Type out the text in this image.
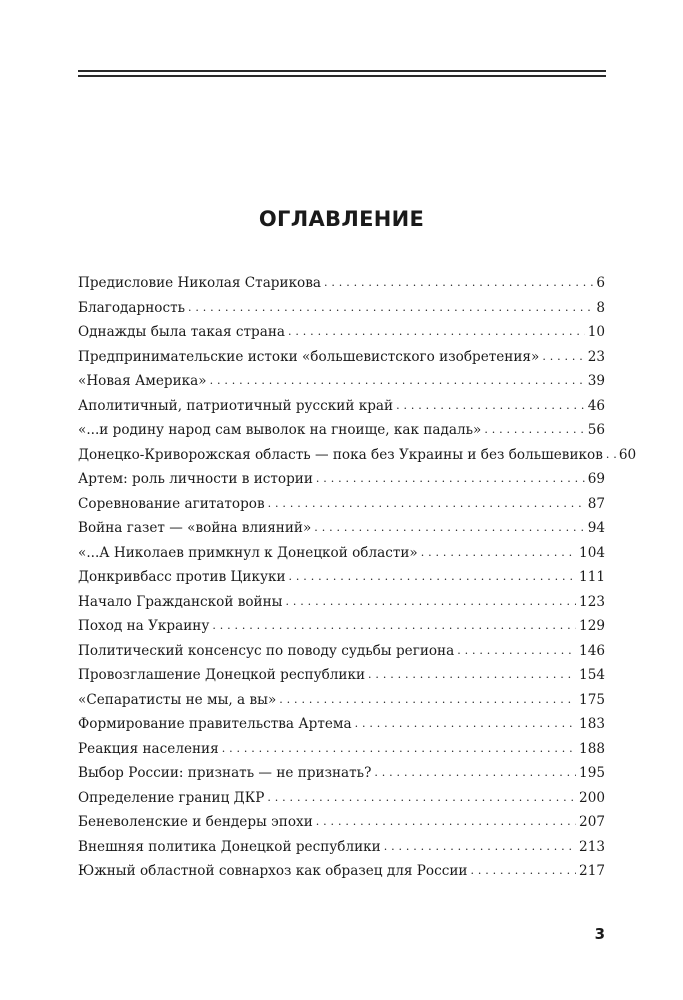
ОГЛАВЛЕНИЕ
Предисловие Николая Старикова . . .	6
Благодарность . . .	8
Однажды была такая страна . . .	10
Предпринимательские истоки «большевистского изобретения» . . .	23
«Новая Америка» . . .	39
Аполитичный, патриотичный русский край . . .	46
«...и родину народ сам выволок на гноище, как падаль» . . .	56
Донецко-Криворожская область — пока без Украины и без большевиков . . . 60
Артем: роль личности в истории . . .	69
Соревнование агитаторов . . .	87
Война газет — «война влияний» . . .	94
«...А Николаев примкнул к Донецкой области» . . .	104
Донкривбасс против Цикуки . . .	111
Начало Гражданской войны . . .	123
Поход на Украину . . .	129
Политический консенсус по поводу судьбы региона . . .	146
Провозглашение Донецкой республики . . .	154
«Сепаратисты не мы, а вы» . . .	175
Формирование правительства Артема . . .	183
Реакция населения . . .	188
Выбор России: признать — не признать? . . .	195
Определение границ ДКР . . .	200
Беневоленские и бендеры эпохи . . .	207
Внешняя политика Донецкой республики . . .	213
Южный областной совнархоз как образец для России . . .	217
3
